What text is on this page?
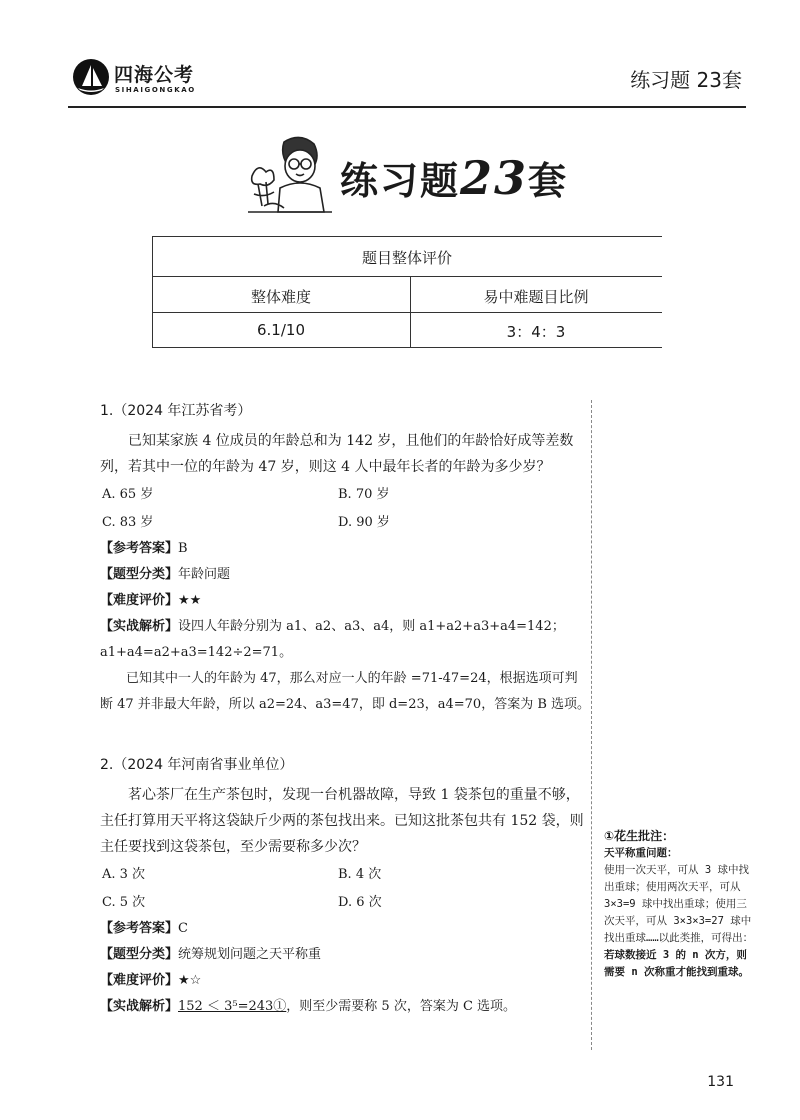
四海公考
SIHAIGONGKAO	练习题 23套
练习题23套
题目整体评价
整体难度	易中难题目比例
6.1/10	3：4：3
1.（2024 年江苏省考）

已知某家族 4 位成员的年龄总和为 142 岁，且他们的年龄恰好成等差数列，若其中一位的年龄为 47 岁，则这 4 人中最年长者的年龄为多少岁？

A. 65 岁	B. 70 岁
C. 83 岁	D. 90 岁
【参考答案】B
【题型分类】年龄问题
【难度评价】★★
【实战解析】设四人年龄分别为 a1、a2、a3、a4，则 a1+a2+a3+a4=142；a1+a4=a2+a3=142÷2=71。

已知其中一人的年龄为 47，那么对应一人的年龄 =71-47=24，根据选项可判断 47 并非最大年龄，所以 a2=24、a3=47，即 d=23，a4=70，答案为 B 选项。

2.（2024 年河南省事业单位）

茗心茶厂在生产茶包时，发现一台机器故障，导致 1 袋茶包的重量不够，主任打算用天平将这袋缺斤少两的茶包找出来。已知这批茶包共有 152 袋，则主任要找到这袋茶包，至少需要称多少次？

A. 3 次	B. 4 次
C. 5 次	D. 6 次
【参考答案】C
【题型分类】统筹规划问题之天平称重
【难度评价】★☆
【实战解析】152 ＜ 3⁵=243①，则至少需要称 5 次，答案为 C 选项。
①花生批注：
天平称重问题：
使用一次天平，可从 3 球中找出重球；使用两次天平，可从 3×3=9 球中找出重球；使用三次天平，可从 3×3×3=27 球中找出重球……以此类推，可得出：
若球数接近 3 的 n 次方，则需要 n 次称重才能找到重球。
131
